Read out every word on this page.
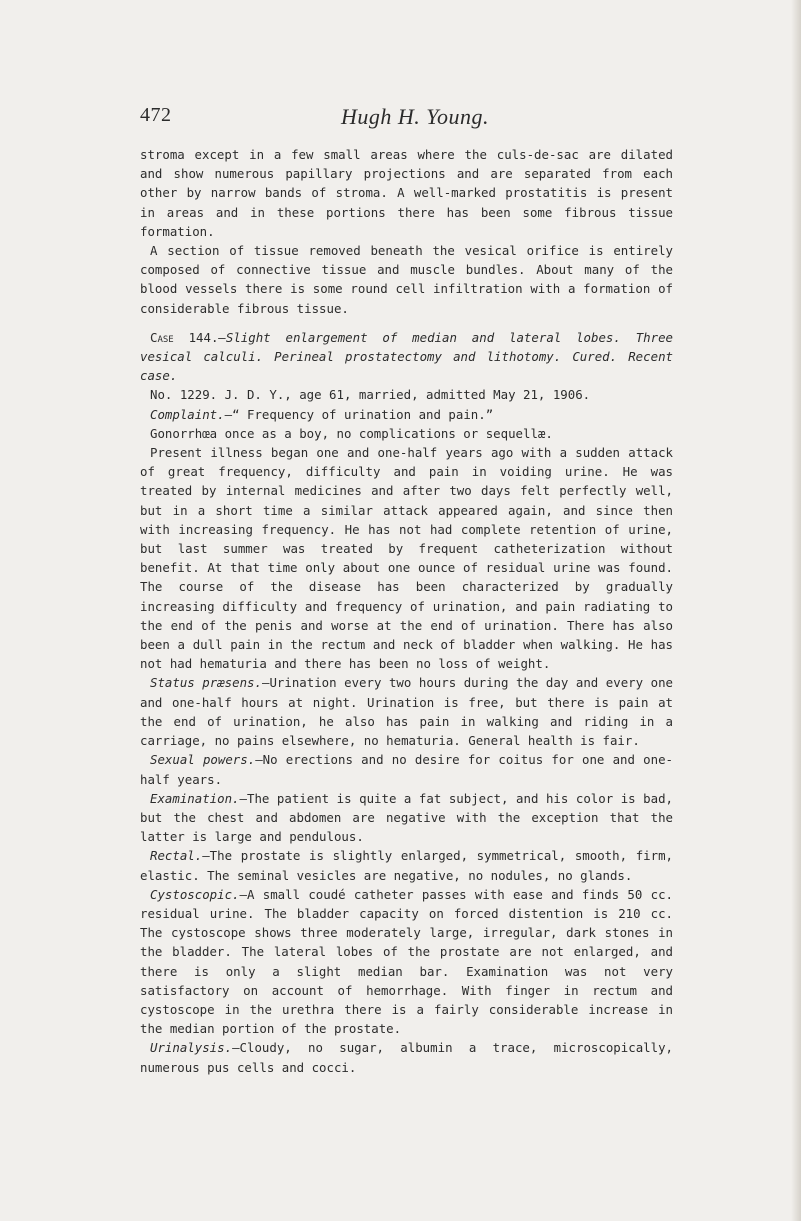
472	Hugh H. Young.

stroma except in a few small areas where the culs-de-sac are dilated and show numerous papillary projections and are separated from each other by narrow bands of stroma. A well-marked prostatitis is present in areas and in these portions there has been some fibrous tissue formation.

A section of tissue removed beneath the vesical orifice is entirely composed of connective tissue and muscle bundles. About many of the blood vessels there is some round cell infiltration with a formation of considerable fibrous tissue.

Case 144.—Slight enlargement of median and lateral lobes. Three vesical calculi. Perineal prostatectomy and lithotomy. Cured. Recent case.

No. 1229. J. D. Y., age 61, married, admitted May 21, 1906.

Complaint.—“ Frequency of urination and pain.”

Gonorrhœa once as a boy, no complications or sequellæ.

Present illness began one and one-half years ago with a sudden attack of great frequency, difficulty and pain in voiding urine. He was treated by internal medicines and after two days felt perfectly well, but in a short time a similar attack appeared again, and since then with increasing frequency. He has not had complete retention of urine, but last summer was treated by frequent catheterization without benefit. At that time only about one ounce of residual urine was found. The course of the disease has been characterized by gradually increasing difficulty and frequency of urination, and pain radiating to the end of the penis and worse at the end of urination. There has also been a dull pain in the rectum and neck of bladder when walking. He has not had hematuria and there has been no loss of weight.

Status præsens.—Urination every two hours during the day and every one and one-half hours at night. Urination is free, but there is pain at the end of urination, he also has pain in walking and riding in a carriage, no pains elsewhere, no hematuria. General health is fair.

Sexual powers.—No erections and no desire for coitus for one and one-half years.

Examination.—The patient is quite a fat subject, and his color is bad, but the chest and abdomen are negative with the exception that the latter is large and pendulous.

Rectal.—The prostate is slightly enlarged, symmetrical, smooth, firm, elastic. The seminal vesicles are negative, no nodules, no glands.

Cystoscopic.—A small coudé catheter passes with ease and finds 50 cc. residual urine. The bladder capacity on forced distention is 210 cc. The cystoscope shows three moderately large, irregular, dark stones in the bladder. The lateral lobes of the prostate are not enlarged, and there is only a slight median bar. Examination was not very satisfactory on account of hemorrhage. With finger in rectum and cystoscope in the urethra there is a fairly considerable increase in the median portion of the prostate.

Urinalysis.—Cloudy, no sugar, albumin a trace, microscopically, numerous pus cells and cocci.
